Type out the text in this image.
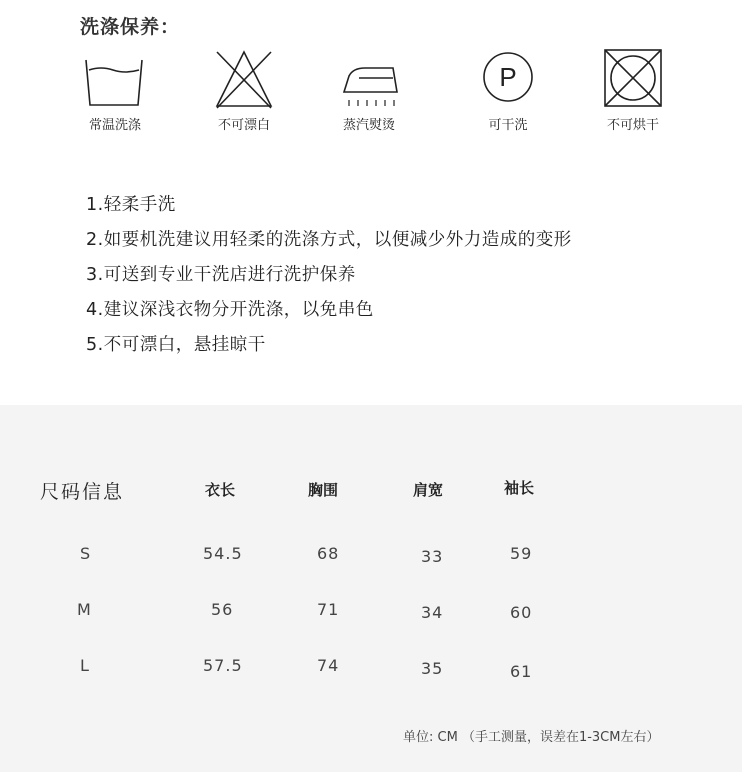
洗涤保养：
常温洗涤	不可漂白	蒸汽熨烫
P
可干洗	不可烘干
1.轻柔手洗
2.如要机洗建议用轻柔的洗涤方式，以便减少外力造成的变形
3.可送到专业干洗店进行洗护保养
4.建议深浅衣物分开洗涤，以免串色
5.不可漂白，悬挂晾干
尺码信息	衣长	胸围	肩宽	袖长
S	54.5	68	33	59
M	56	71	34	60
L	57.5	74	35	61
单位: CM （手工测量，误差在1-3CM左右）
